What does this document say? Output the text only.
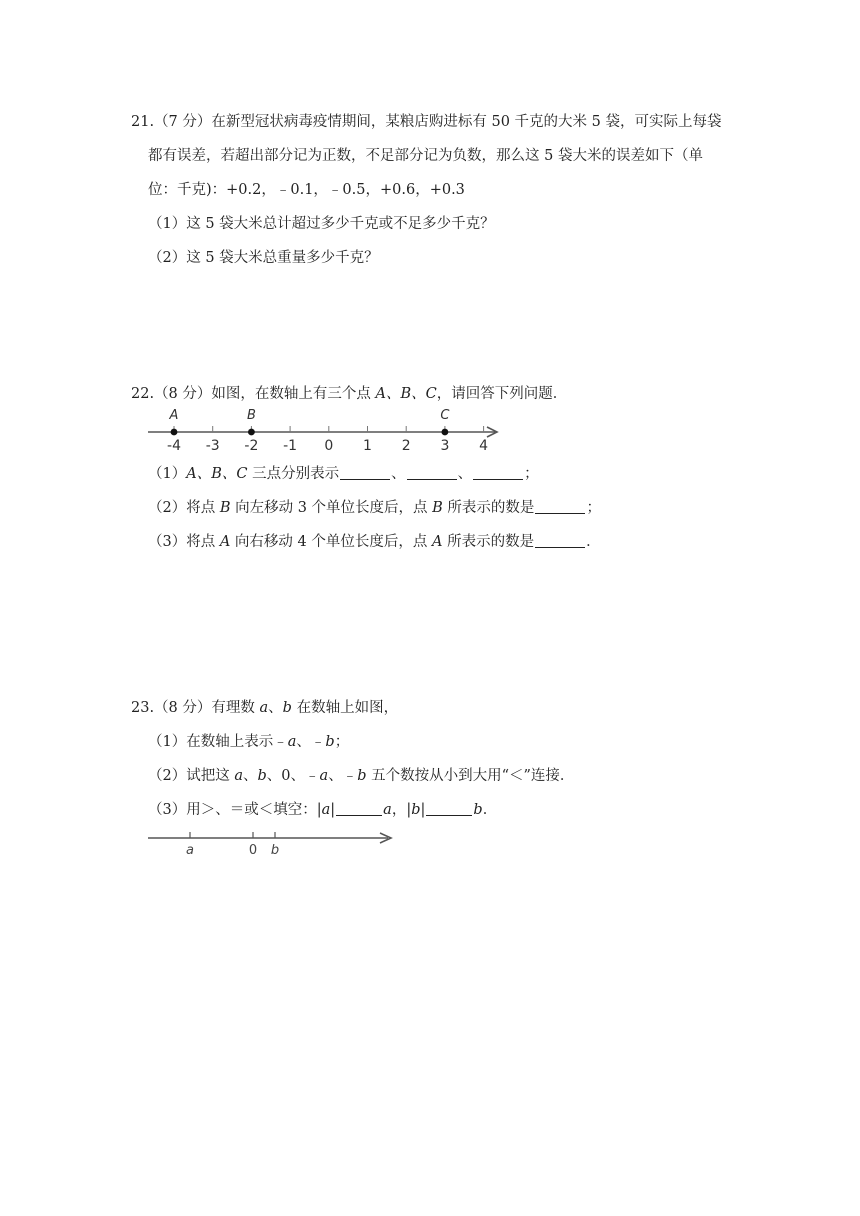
21.（7 分）在新型冠状病毒疫情期间，某粮店购进标有 50 千克的大米 5 袋，可实际上每袋
都有误差，若超出部分记为正数，不足部分记为负数，那么这 5 袋大米的误差如下（单
位：千克)：+0.2，﹣0.1，﹣0.5，+0.6，+0.3
（1）这 5 袋大米总计超过多少千克或不足多少千克？
（2）这 5 袋大米总重量多少千克？
22.（8 分）如图，在数轴上有三个点 A、B、C，请回答下列问题．
-4 -3 -2 -1 0 1 2 3 4
A	B	C
（1）A、B、C 三点分别表示	、	、	；
（2）将点 B 向左移动 3 个单位长度后，点 B 所表示的数是	；
（3）将点 A 向右移动 4 个单位长度后，点 A 所表示的数是	．
23.（8 分）有理数 a、b 在数轴上如图，
（1）在数轴上表示﹣a、﹣b；
（2）试把这 a、b、0、﹣a、﹣b 五个数按从小到大用“＜”连接．
（3）用＞、＝或＜填空：|a|	a，|b|	b．
a	0 b
